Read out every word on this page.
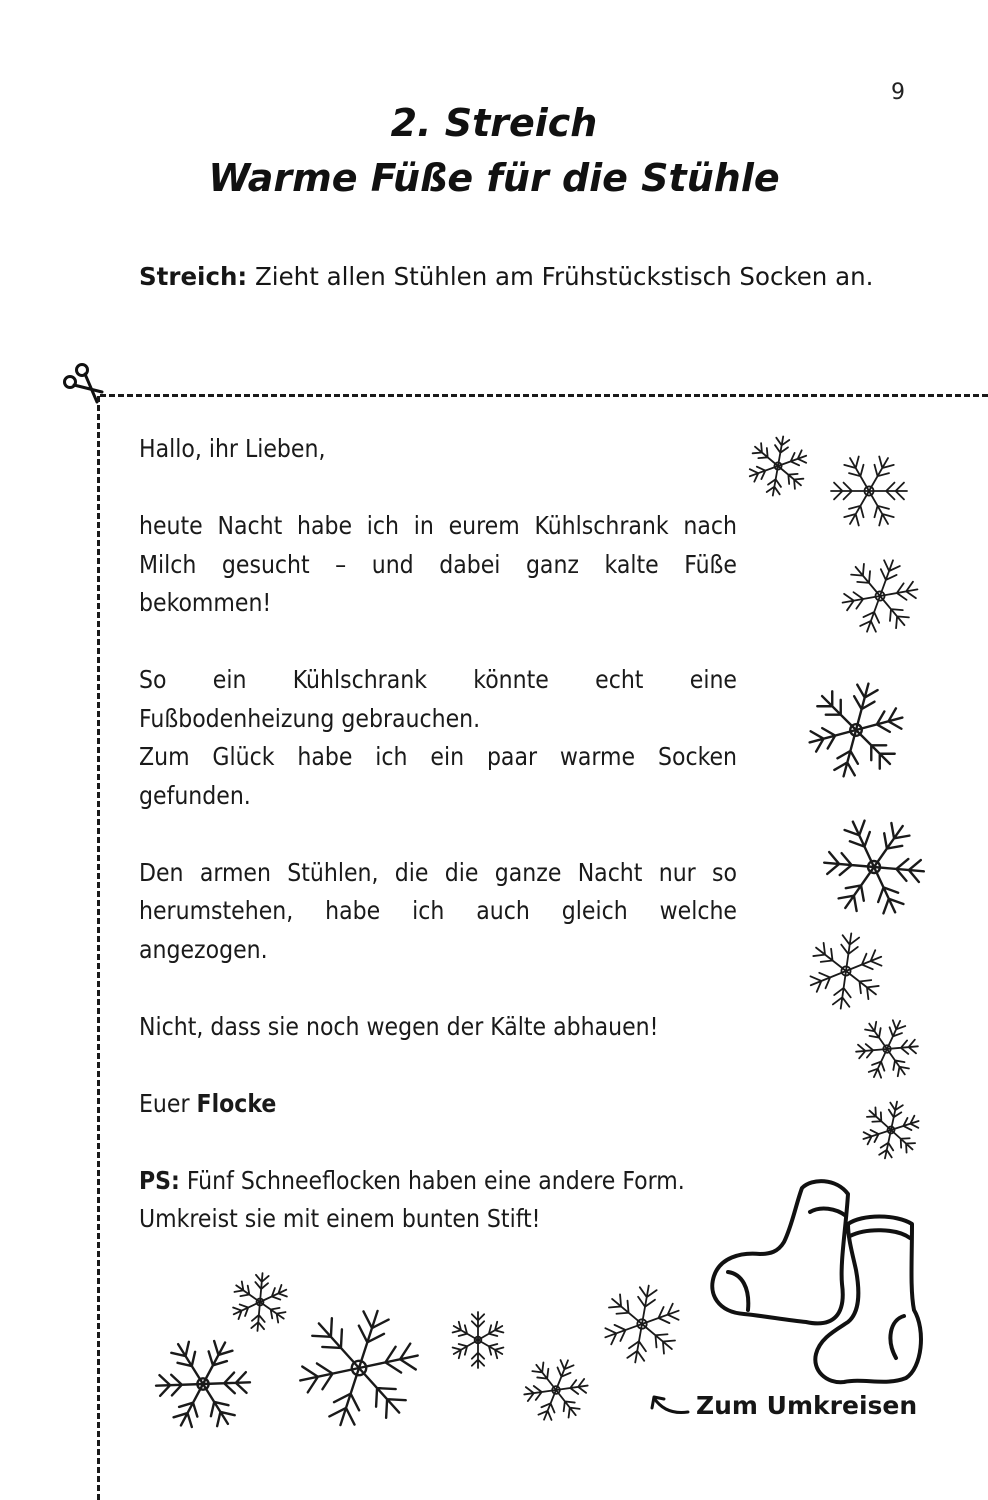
9
2. Streich
Warme Füße für die Stühle
Streich: Zieht allen Stühlen am Frühstückstisch Socken an.

Hallo, ihr Lieben,

heute Nacht habe ich in eurem Kühlschrank nach Milch gesucht – und dabei ganz kalte Füße bekommen!

So ein Kühlschrank könnte echt eine Fußbodenheizung gebrauchen.

Zum Glück habe ich ein paar warme Socken gefunden.

Den armen Stühlen, die die ganze Nacht nur so herumstehen, habe ich auch gleich welche angezogen.

Nicht, dass sie noch wegen der Kälte abhauen!

Euer Flocke

PS: Fünf Schneeflocken haben eine andere Form. Umkreist sie mit einem bunten Stift!

Zum Umkreisen
